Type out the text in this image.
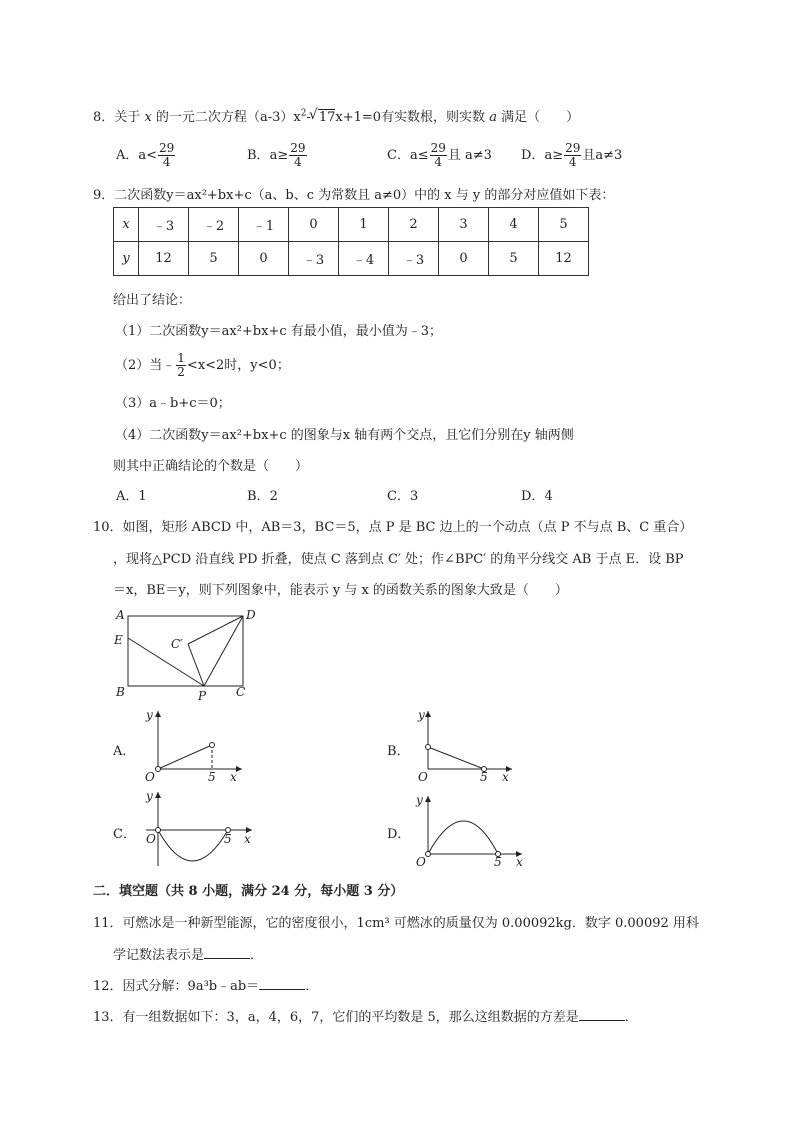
8．关于 x 的一元二次方程$(a-3)x^2-$ √ 17x+1=0有实数根，则实数 a 满足（　　）
A．$a< \frac{29}{4}$	B．$a\ge \frac{29}{4}$	C．$a\le \frac{29}{4}$ 且 a≠3 D．$a\ge \frac{29}{4}$ 且a≠3
9．二次函数y＝ax²+bx+c（a、b、c 为常数且 a≠0）中的 x 与 y 的部分对应值如下表：
x	﹣3	﹣2	﹣1	0	1	2	3	4	5
y	12	5	0	﹣3	﹣4	﹣3	0	5	12
给出了结论：
（1）二次函数y＝ax²+bx+c 有最小值，最小值为﹣3；
（2）当﹣ $\frac{1}{2} <x<2$时，y<0；
（3）a﹣b+c＝0；
（4）二次函数y＝ax²+bx+c 的图象与x 轴有两个交点，且它们分别在y 轴两侧
则其中正确结论的个数是（　　）
A．1	B．2	C．3	D．4
10．如图，矩形 ABCD 中，AB＝3，BC＝5，点 P 是 BC 边上的一个动点（点 P 不与点 B、C 重合）
，现将△PCD 沿直线 PD 折叠，使点 C 落到点 C′ 处；作∠BPC′ 的角平分线交 AB 于点 E．设 BP
＝x，BE＝y，则下列图象中，能表示 y 与 x 的函数关系的图象大致是（　　）
A	D
E	C′
B	P C
A．
O	5 x
y
B．
O	5 x
y
C． O	5 x
y
D．
O	5 x
y
二．填空题（共 8 小题，满分 24 分，每小题 3 分）
11．可燃冰是一种新型能源，它的密度很小，1cm³ 可燃冰的质量仅为 0.00092kg．数字 0.00092 用科
学记数法表示是	．
12．因式分解：9a³b﹣ab＝	．
13．有一组数据如下：3，a，4，6，7，它们的平均数是 5，那么这组数据的方差是	．
